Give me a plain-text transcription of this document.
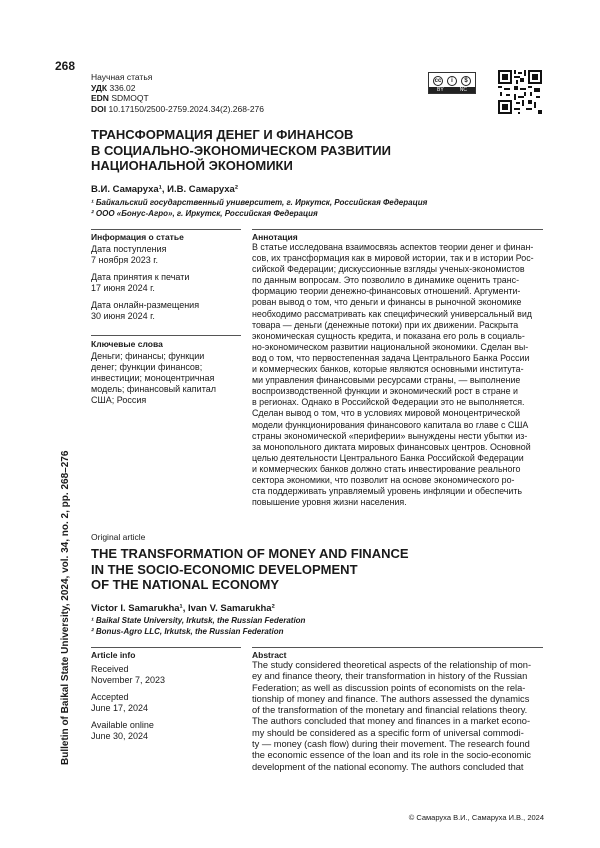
268
Bulletin of Baikal State University, 2024, vol. 34, no. 2, pp. 268–276
Научная статья
УДК 336.02
EDN SDMOQT
DOI 10.17150/2500-2759.2024.34(2).268-276
cc	i	$
BY	NC
ТРАНСФОРМАЦИЯ ДЕНЕГ И ФИНАНСОВ
В СОЦИАЛЬНО-ЭКОНОМИЧЕСКОМ РАЗВИТИИ
НАЦИОНАЛЬНОЙ ЭКОНОМИКИ
В.И. Самаруха¹, И.В. Самаруха²
¹ Байкальский государственный университет, г. Иркутск, Российская Федерация
² ООО «Бонус-Агро», г. Иркутск, Российская Федерация
Информация о статье

Дата поступления
7 ноября 2023 г.

Дата принятия к печати
17 июня 2024 г.

Дата онлайн-размещения
30 июня 2024 г.

Ключевые слова
Деньги; финансы; функции
денег; функции финансов;
инвестиции; моноцентричная
модель; финансовый капитал
США; Россия
Аннотация
В статье исследована взаимосвязь аспектов теории денег и финан-
сов, их трансформация как в мировой истории, так и в истории Рос-
сийской Федерации; дискуссионные взгляды ученых-экономистов
по данным вопросам. Это позволило в динамике оценить транс-
формацию теории денежно-финансовых отношений. Аргументи-
рован вывод о том, что деньги и финансы в рыночной экономике
необходимо рассматривать как специфический универсальный вид
товара — деньги (денежные потоки) при их движении. Раскрыта
экономическая сущность кредита, и показана его роль в социаль-
но-экономическом развитии национальной экономики. Сделан вы-
вод о том, что первостепенная задача Центрального Банка России
и коммерческих банков, которые являются основными института-
ми управления финансовыми ресурсами страны, — выполнение
воспроизводственной функции и экономический рост в стране и
в регионах. Однако в Российской Федерации это не выполняется.
Сделан вывод о том, что в условиях мировой моноцентрической
модели функционирования финансового капитала во главе с США
страны экономической «периферии» вынуждены нести убытки из-
за монопольного диктата мировых финансовых центров. Основной
целью деятельности Центрального Банка Российской Федерации
и коммерческих банков должно стать инвестирование реального
сектора экономики, что позволит на основе экономического ро-
ста поддерживать управляемый уровень инфляции и обеспечить
повышение уровня жизни населения.
Original article
THE TRANSFORMATION OF MONEY AND FINANCE
IN THE SOCIO-ECONOMIC DEVELOPMENT
OF THE NATIONAL ECONOMY
Victor I. Samarukha¹, Ivan V. Samarukha²
¹ Baikal State University, Irkutsk, the Russian Federation
² Bonus-Agro LLC, Irkutsk, the Russian Federation
Article info

Received
November 7, 2023

Accepted
June 17, 2024

Available online
June 30, 2024

Abstract
The study considered theoretical aspects of the relationship of mon-
ey and finance theory, their transformation in history of the Russian
Federation; as well as discussion points of economists on the rela-
tionship of money and finance. The authors assessed the dynamics
of the transformation of the monetary and financial relations theory.
The authors concluded that money and finances in a market econo-
my should be considered as a specific form of universal commodi-
ty — money (cash flow) during their movement. The research found
the economic essence of the loan and its role in the socio-economic
development of the national economy. The authors concluded that
© Самаруха В.И., Самаруха И.В., 2024
